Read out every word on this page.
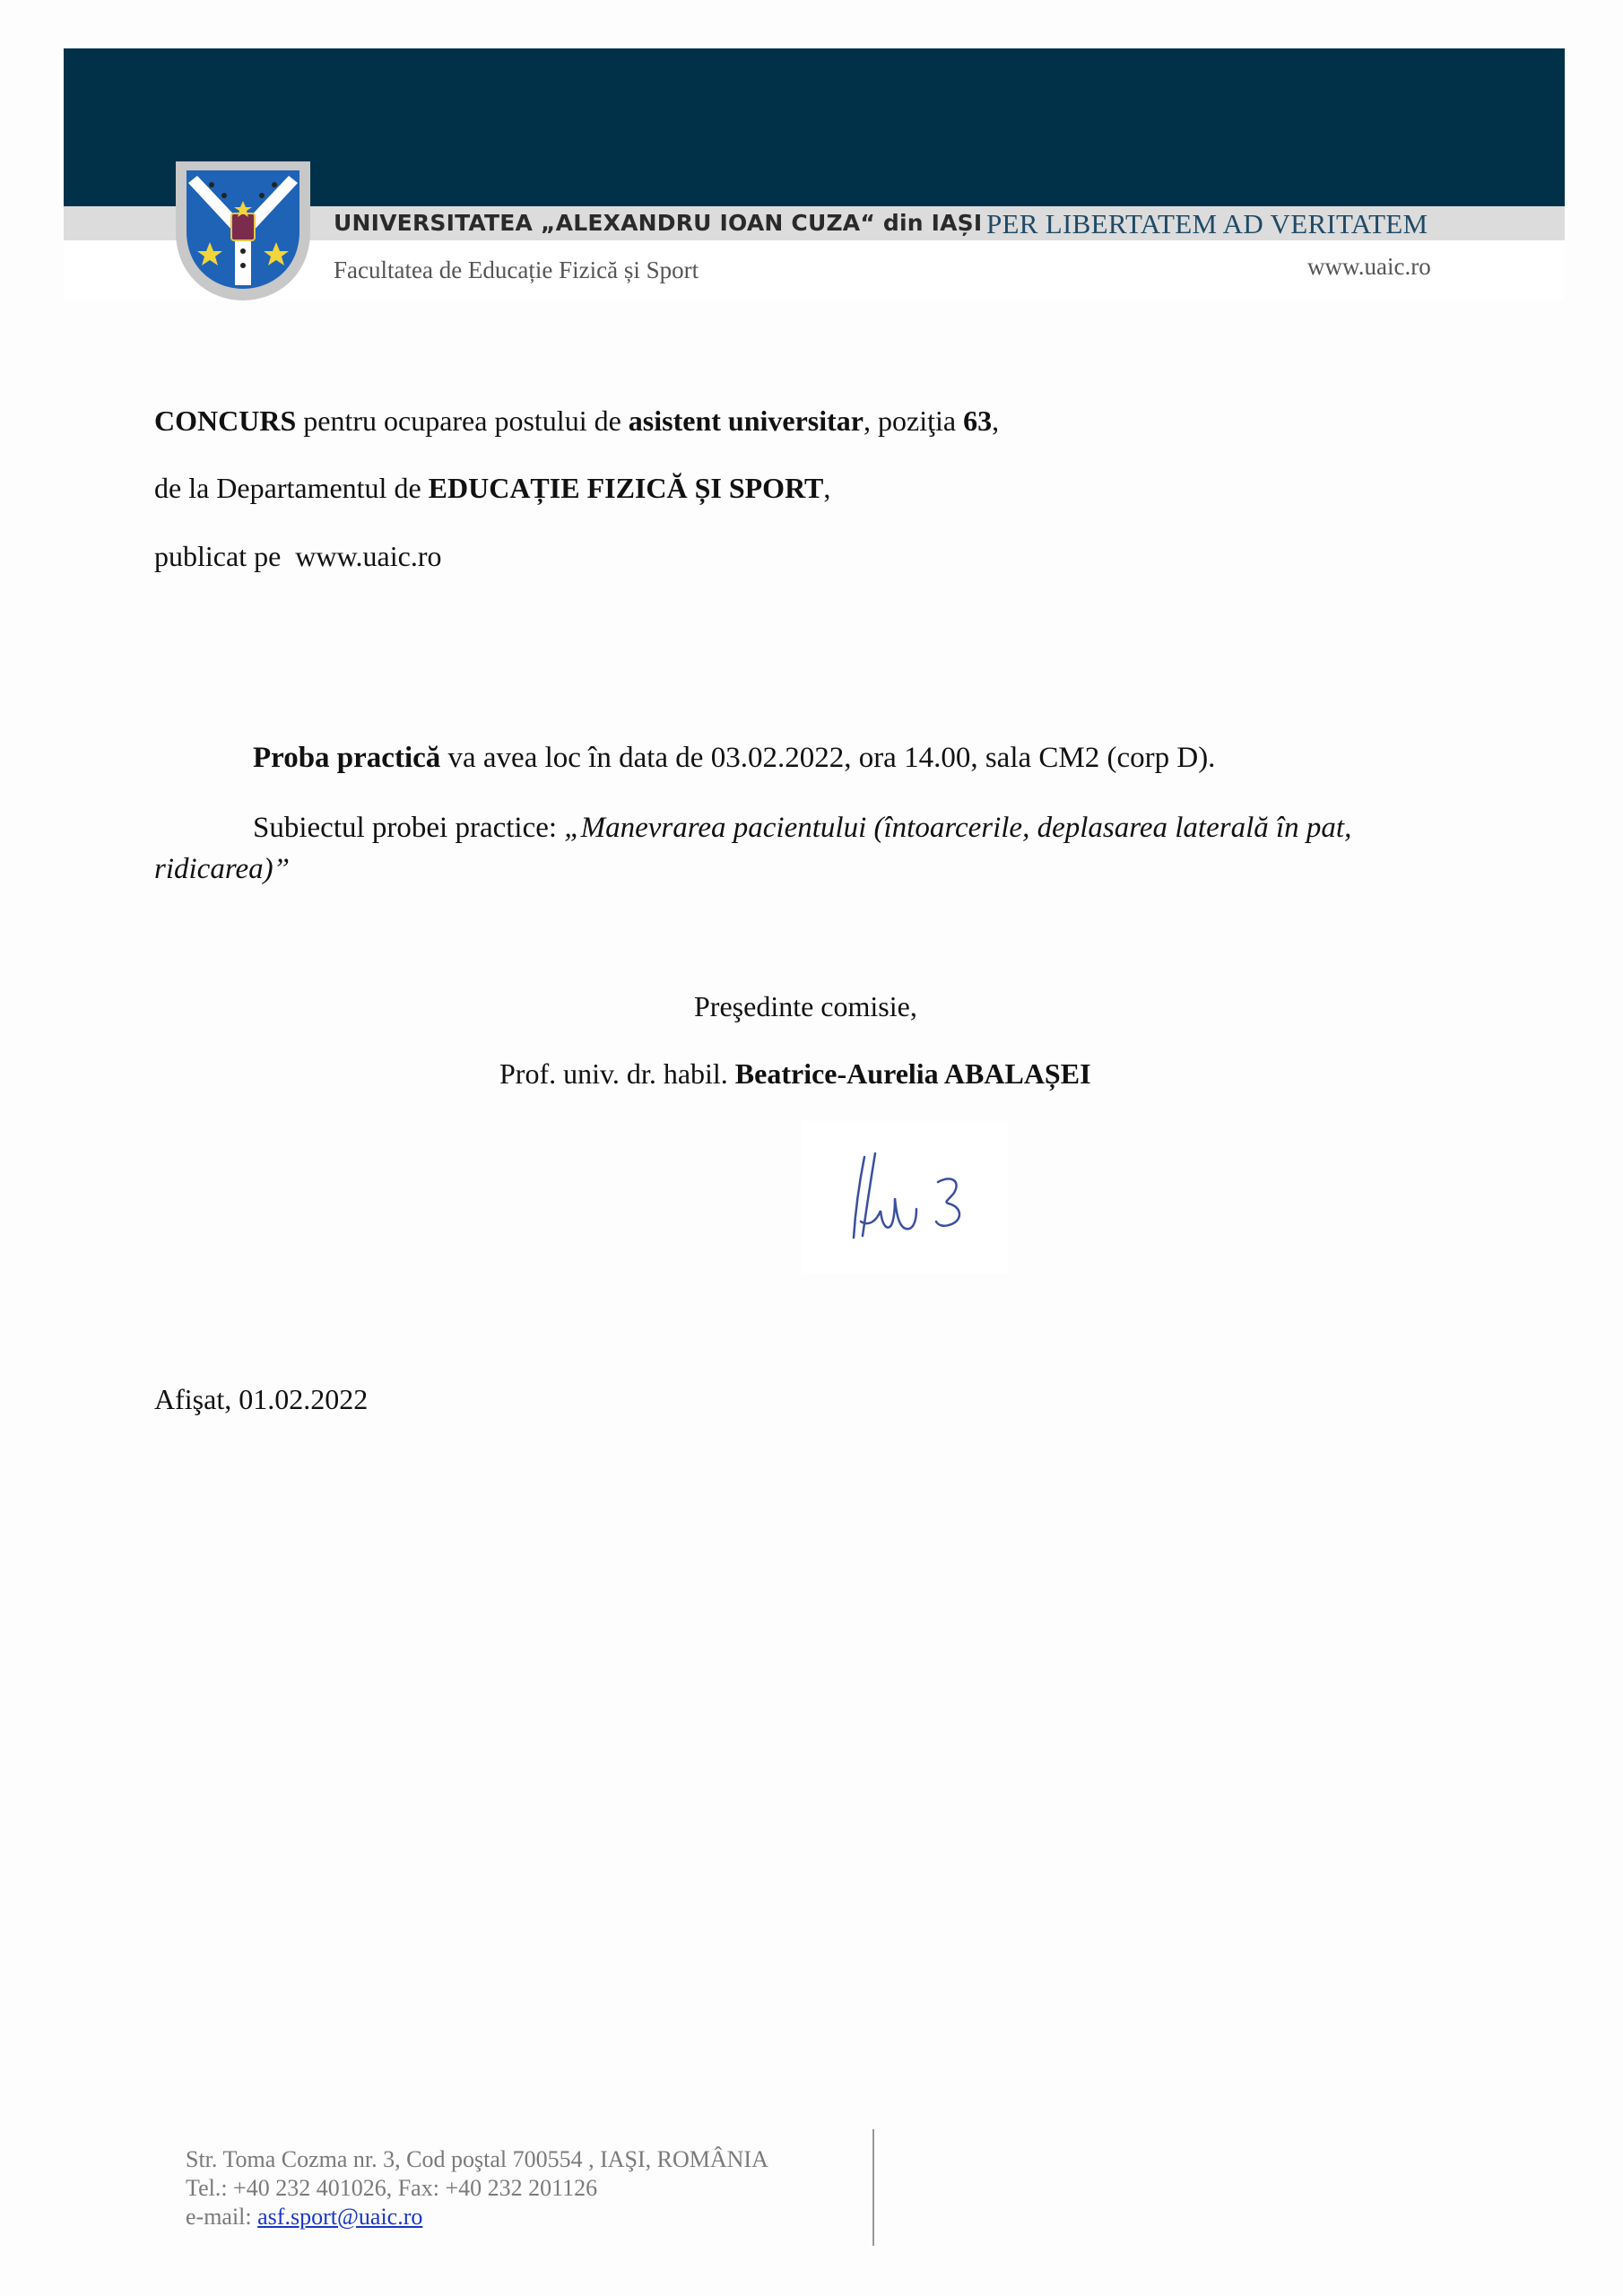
UNIVERSITATEA „ALEXANDRU IOAN CUZA“ din IAȘI PER LIBERTATEM AD VERITATEM
Facultatea de Educație Fizică și Sport	www.uaic.ro
CONCURS pentru ocuparea postului de asistent universitar, poziţia 63,
de la Departamentul de EDUCAȚIE FIZICĂ ȘI SPORT,
publicat pe  www.uaic.ro
Proba practică va avea loc în data de 03.02.2022, ora 14.00, sala CM2 (corp D).
Subiectul probei practice: „Manevrarea pacientului (întoarcerile, deplasarea laterală în pat,
ridicarea)”
Preşedinte comisie,
Prof. univ. dr. habil. Beatrice-Aurelia ABALAȘEI
Afişat, 01.02.2022
Str. Toma Cozma nr. 3, Cod poştal 700554 , IAŞI, ROMÂNIA
Tel.: +40 232 401026, Fax: +40 232 201126
e-mail: asf.sport@uaic.ro
